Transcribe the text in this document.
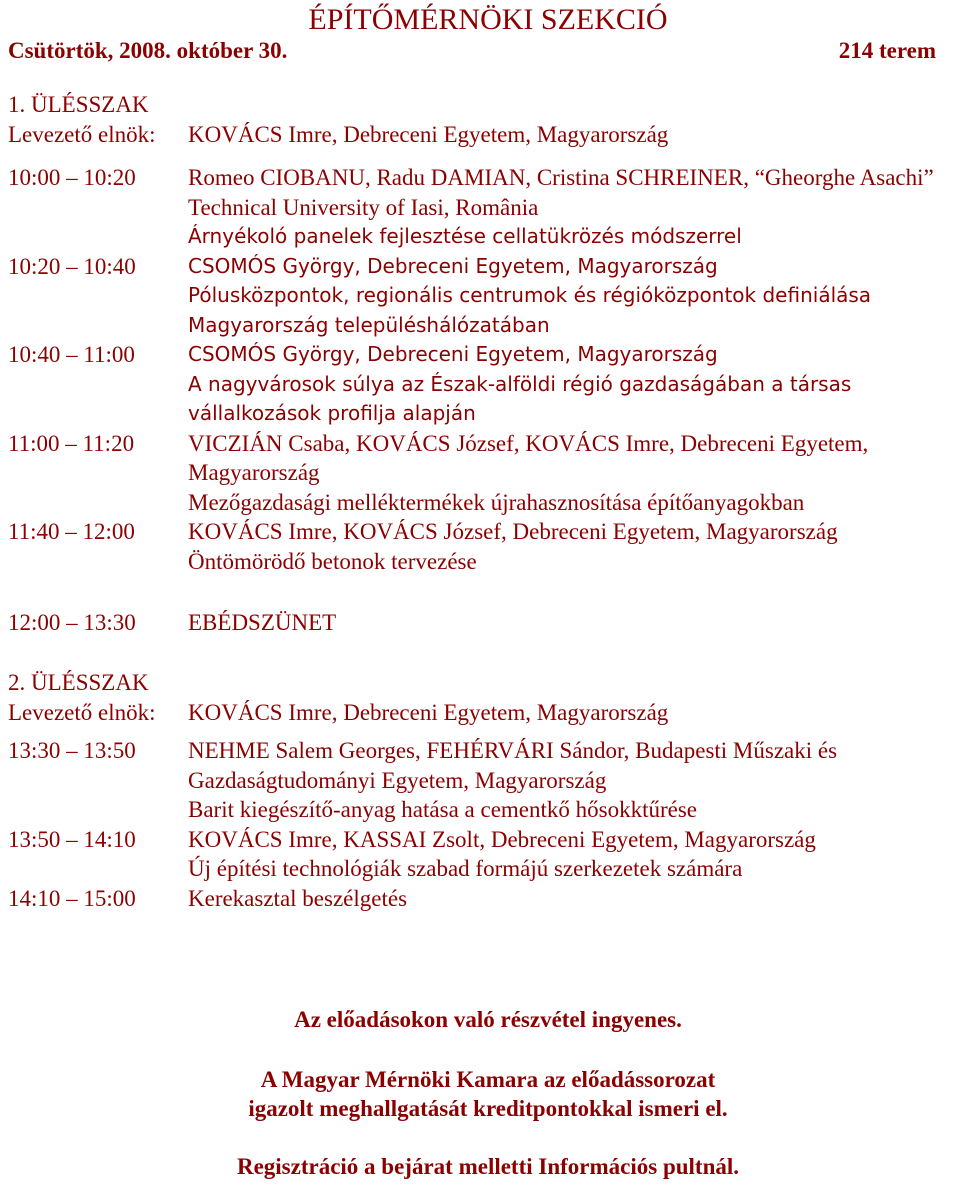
ÉPÍTŐMÉRNÖKI SZEKCIÓ
Csütörtök, 2008. október 30.	214 terem
1. ÜLÉSSZAK
Levezető elnök:	KOVÁCS Imre, Debreceni Egyetem, Magyarország
10:00 – 10:20	Romeo CIOBANU, Radu DAMIAN, Cristina SCHREINER, “Gheorghe Asachi” Technical University of Iasi, România
Árnyékoló panelek fejlesztése cellatükrözés módszerrel
10:20 – 10:40	CSOMÓS György, Debreceni Egyetem, Magyarország
Pólusközpontok, regionális centrumok és régióközpontok definiálása Magyarország településhálózatában
10:40 – 11:00	CSOMÓS György, Debreceni Egyetem, Magyarország
A nagyvárosok súlya az Észak-alföldi régió gazdaságában a társas vállalkozások profilja alapján
11:00 – 11:20	VICZIÁN Csaba, KOVÁCS József, KOVÁCS Imre, Debreceni Egyetem, Magyarország
Mezőgazdasági melléktermékek újrahasznosítása építőanyagokban
11:40 – 12:00	KOVÁCS Imre, KOVÁCS József, Debreceni Egyetem, Magyarország
Öntömörödő betonok tervezése
12:00 – 13:30	EBÉDSZÜNET
2. ÜLÉSSZAK
Levezető elnök:	KOVÁCS Imre, Debreceni Egyetem, Magyarország
13:30 – 13:50	NEHME Salem Georges, FEHÉRVÁRI Sándor, Budapesti Műszaki és Gazdaságtudományi Egyetem, Magyarország
Barit kiegészítő-anyag hatása a cementkő hősokktűrése
13:50 – 14:10	KOVÁCS Imre, KASSAI Zsolt, Debreceni Egyetem, Magyarország
Új építési technológiák szabad formájú szerkezetek számára
14:10 – 15:00	Kerekasztal beszélgetés
Az előadásokon való részvétel ingyenes.
A Magyar Mérnöki Kamara az előadássorozat
igazolt meghallgatását kreditpontokkal ismeri el.
Regisztráció a bejárat melletti Információs pultnál.
